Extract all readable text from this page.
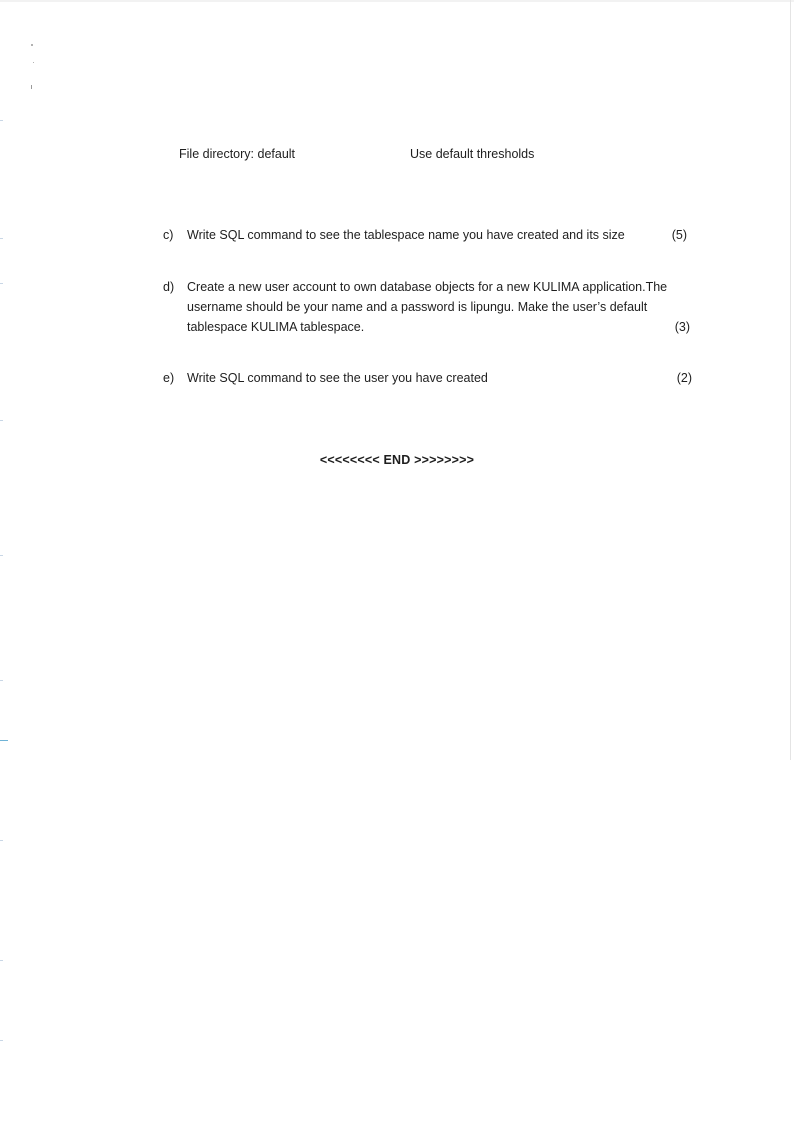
File directory: default	Use default thresholds
c) Write SQL command to see the tablespace name you have created and its size	(5)
d) Create a new user account to own database objects for a new KULIMA application.The
username should be your name and a password is lipungu. Make the user’s default
tablespace KULIMA tablespace.	(3)
e) Write SQL command to see the user you have created	(2)
<<<<<<<< END >>>>>>>>
